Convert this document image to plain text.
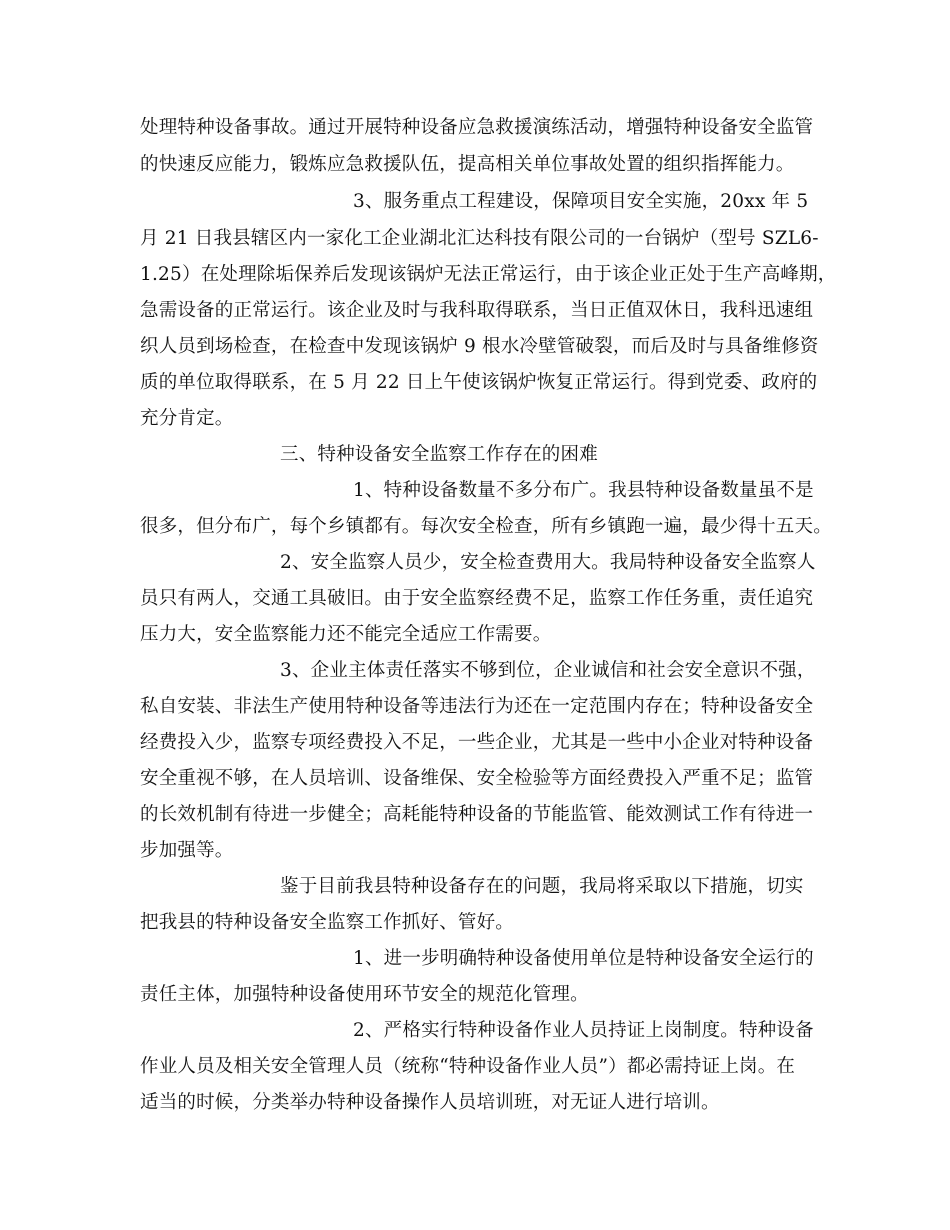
处理特种设备事故。通过开展特种设备应急救援演练活动，增强特种设备安全监管
的快速反应能力，锻炼应急救援队伍，提高相关单位事故处置的组织指挥能力。
3、服务重点工程建设，保障项目安全实施，20xx 年 5
月 21 日我县辖区内一家化工企业湖北汇达科技有限公司的一台锅炉（型号 SZL6-
1.25）在处理除垢保养后发现该锅炉无法正常运行，由于该企业正处于生产高峰期，
急需设备的正常运行。该企业及时与我科取得联系，当日正值双休日，我科迅速组
织人员到场检查，在检查中发现该锅炉 9 根水冷壁管破裂，而后及时与具备维修资
质的单位取得联系，在 5 月 22 日上午使该锅炉恢复正常运行。得到党委、政府的
充分肯定。
三、特种设备安全监察工作存在的困难
1、特种设备数量不多分布广。我县特种设备数量虽不是
很多，但分布广，每个乡镇都有。每次安全检查，所有乡镇跑一遍，最少得十五天。
2、安全监察人员少，安全检查费用大。我局特种设备安全监察人
员只有两人，交通工具破旧。由于安全监察经费不足，监察工作任务重，责任追究
压力大，安全监察能力还不能完全适应工作需要。
3、企业主体责任落实不够到位，企业诚信和社会安全意识不强，
私自安装、非法生产使用特种设备等违法行为还在一定范围内存在；特种设备安全
经费投入少，监察专项经费投入不足，一些企业，尤其是一些中小企业对特种设备
安全重视不够，在人员培训、设备维保、安全检验等方面经费投入严重不足；监管
的长效机制有待进一步健全；高耗能特种设备的节能监管、能效测试工作有待进一
步加强等。
鉴于目前我县特种设备存在的问题，我局将采取以下措施，切实
把我县的特种设备安全监察工作抓好、管好。
1、进一步明确特种设备使用单位是特种设备安全运行的
责任主体，加强特种设备使用环节安全的规范化管理。
2、严格实行特种设备作业人员持证上岗制度。特种设备
作业人员及相关安全管理人员（统称“特种设备作业人员”）都必需持证上岗。在
适当的时候，分类举办特种设备操作人员培训班，对无证人进行培训。
